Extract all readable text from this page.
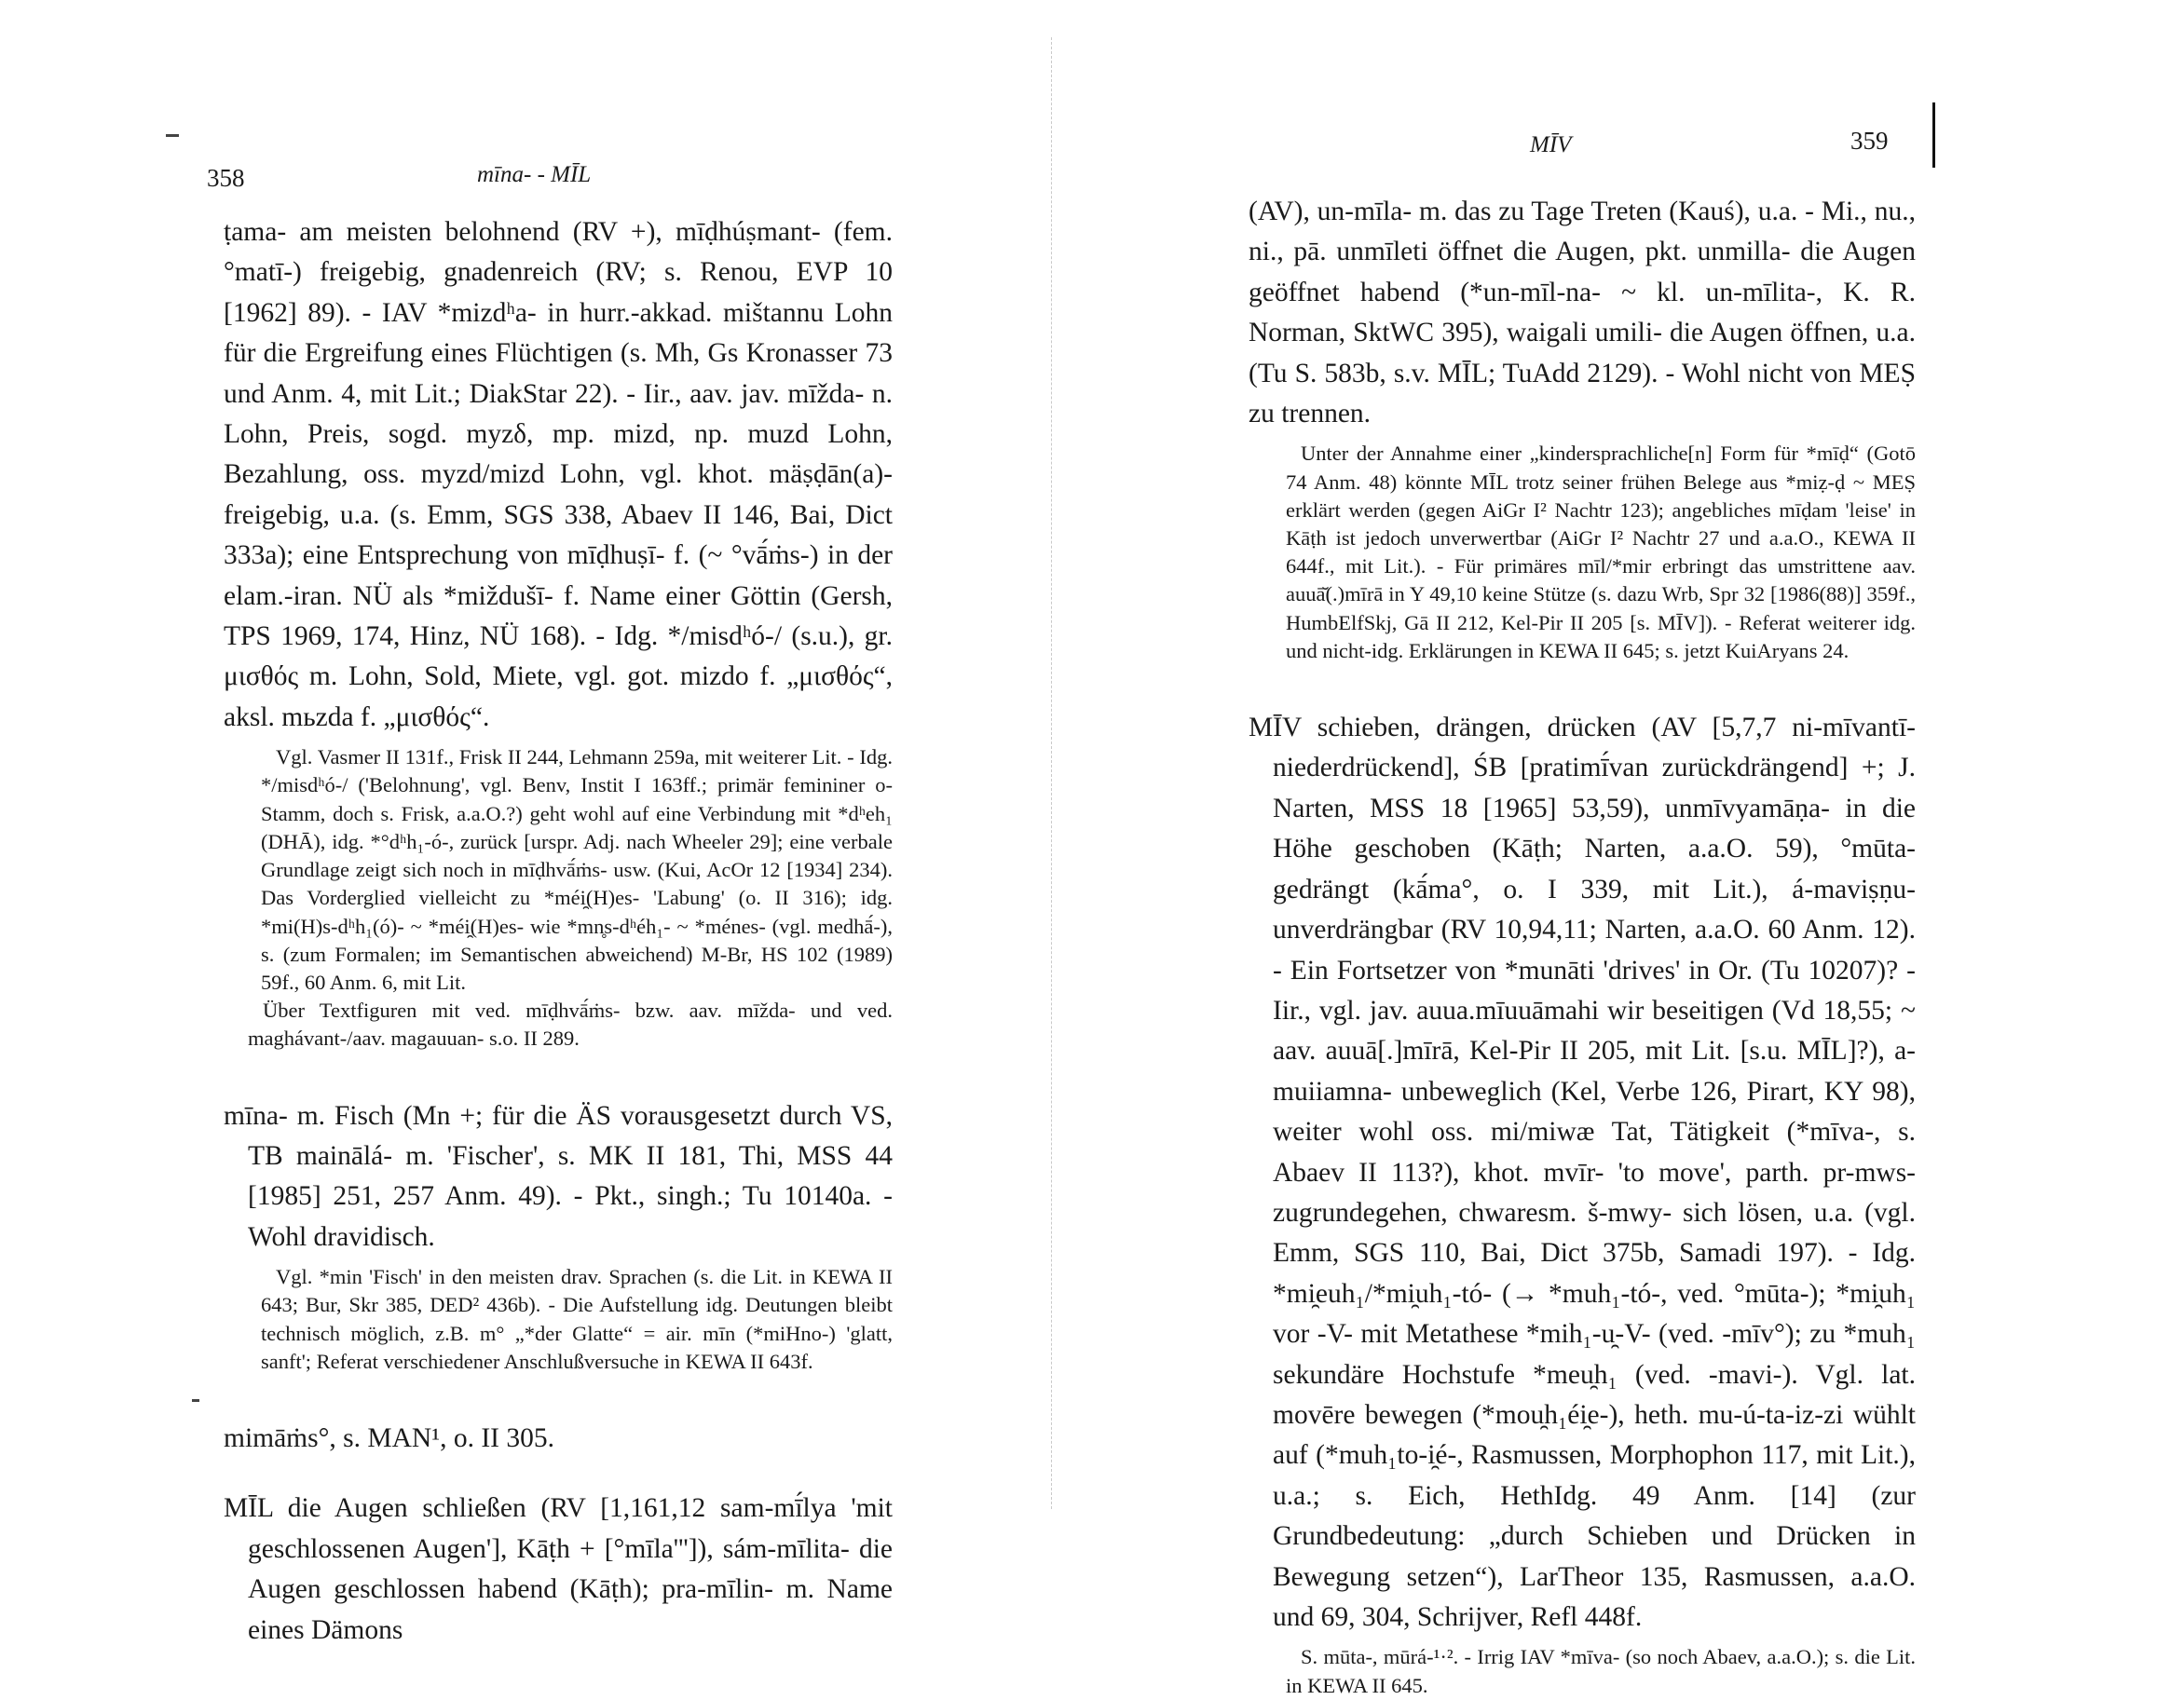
358	mīna- - MĪL

ṭama- am meisten belohnend (RV +), mīḍhúṣmant- (fem. °matī-) freigebig, gnadenreich (RV; s. Renou, EVP 10 [1962] 89). - IAV *mizdʰa- in hurr.-akkad. mištannu Lohn für die Ergreifung eines Flüchtigen (s. Mh, Gs Kronasser 73 und Anm. 4, mit Lit.; DiakStar 22). - Iir., aav. jav. mīžda- n. Lohn, Preis, sogd. myzδ, mp. mizd, np. muzd Lohn, Bezahlung, oss. myzd/mizd Lohn, vgl. khot. mäṣḍān(a)- freigebig, u.a. (s. Emm, SGS 338, Abaev II 146, Bai, Dict 333a); eine Entsprechung von mīḍhuṣī- f. (~ °vā́ṁs-) in der elam.-iran. NÜ als *miždušī- f. Name einer Göttin (Gersh, TPS 1969, 174, Hinz, NÜ 168). - Idg. */misdʰó-/ (s.u.), gr. μισθός m. Lohn, Sold, Miete, vgl. got. mizdo f. „μισθός“, aksl. mьzda f. „μισθός“.

Vgl. Vasmer II 131f., Frisk II 244, Lehmann 259a, mit weiterer Lit. - Idg. */misdʰó-/ ('Belohnung', vgl. Benv, Instit I 163ff.; primär femininer o-Stamm, doch s. Frisk, a.a.O.?) geht wohl auf eine Verbindung mit *dʰeh₁ (DHĀ), idg. *°dʰh₁-ó-, zurück [urspr. Adj. nach Wheeler 29]; eine verbale Grundlage zeigt sich noch in mīḍhvā́ṁs- usw. (Kui, AcOr 12 [1934] 234). Das Vorderglied vielleicht zu *méi̯(H)es- 'Labung' (o. II 316); idg. *mi(H)s-dʰh₁(ó)- ~ *méi̯(H)es- wie *mn̥s-dʰéh₁- ~ *ménes- (vgl. medhā́-), s. (zum Formalen; im Semantischen abweichend) M-Br, HS 102 (1989) 59f., 60 Anm. 6, mit Lit.

Über Textfiguren mit ved. mīḍhvā́ṁs- bzw. aav. mīžda- und ved. maghávant-/aav. magauuan- s.o. II 289.

mīna- m. Fisch (Mn +; für die ÄS vorausgesetzt durch VS, TB mainālá- m. 'Fischer', s. MK II 181, Thi, MSS 44 [1985] 251, 257 Anm. 49). - Pkt., singh.; Tu 10140a. - Wohl dravidisch.

Vgl. *min 'Fisch' in den meisten drav. Sprachen (s. die Lit. in KEWA II 643; Bur, Skr 385, DED² 436b). - Die Aufstellung idg. Deutungen bleibt technisch möglich, z.B. m° „*der Glatte“ = air. mīn (*miHno-) 'glatt, sanft'; Referat verschiedener Anschlußversuche in KEWA II 643f.

mimāṁs°, s. MAN¹, o. II 305.

MĪL die Augen schließen (RV [1,161,12 sam-mī́lya 'mit geschlossenen Augen'], Kāṭh + [°mīla''']), sám-mīlita- die Augen geschlossen habend (Kāṭh); pra-mīlin- m. Name eines Dämons

MĪV	359

(AV), un-mīla- m. das zu Tage Treten (Kauś), u.a. - Mi., nu., ni., pā. unmīleti öffnet die Augen, pkt. unmilla- die Augen geöffnet habend (*un-mīl-na- ~ kl. un-mīlita-, K. R. Norman, SktWC 395), waigali umili- die Augen öffnen, u.a. (Tu S. 583b, s.v. MĪL; TuAdd 2129). - Wohl nicht von MEṢ zu trennen.

Unter der Annahme einer „kindersprachliche[n] Form für *mīḍ“ (Gotō 74 Anm. 48) könnte MĪL trotz seiner frühen Belege aus *miẓ-ḍ ~ MEṢ erklärt werden (gegen AiGr I² Nachtr 123); angebliches mīḍam 'leise' in Kāṭh ist jedoch unverwertbar (AiGr I² Nachtr 27 und a.a.O., KEWA II 644f., mit Lit.). - Für primäres mīl/*mir erbringt das umstrittene aav. auuā̆(.)mīrā in Y 49,10 keine Stütze (s. dazu Wrb, Spr 32 [1986(88)] 359f., HumbElfSkj, Gā II 212, Kel-Pir II 205 [s. MĪV]). - Referat weiterer idg. und nicht-idg. Erklärungen in KEWA II 645; s. jetzt KuiAryans 24.

MĪV schieben, drängen, drücken (AV [5,7,7 ni-mīvantī- niederdrückend], ŚB [pratimī́van zurückdrängend] +; J. Narten, MSS 18 [1965] 53,59), unmīvyamāṇa- in die Höhe geschoben (Kāṭh; Narten, a.a.O. 59), °mūta- gedrängt (kā́ma°, o. I 339, mit Lit.), á-maviṣṇu- unverdrängbar (RV 10,94,11; Narten, a.a.O. 60 Anm. 12). - Ein Fortsetzer von *munāti 'drives' in Or. (Tu 10207)? - Iir., vgl. jav. auua.mīuuāmahi wir beseitigen (Vd 18,55; ~ aav. auuā[.]mīrā, Kel-Pir II 205, mit Lit. [s.u. MĪL]?), a-muiiamna- unbeweglich (Kel, Verbe 126, Pirart, KY 98), weiter wohl oss. mi/miwæ Tat, Tätigkeit (*mīva-, s. Abaev II 113?), khot. mvīr- 'to move', parth. pr-mws- zugrundegehen, chwaresm. š-mwy- sich lösen, u.a. (vgl. Emm, SGS 110, Bai, Dict 375b, Samadi 197). - Idg. *mi̯euh₁/*mi̯uh₁-tó- (→ *muh₁-tó-, ved. °mūta-); *mi̯uh₁ vor -V- mit Metathese *mih₁-u̯-V- (ved. -mīv°); zu *muh₁ sekundäre Hochstufe *meu̯h₁ (ved. -mavi-). Vgl. lat. movēre bewegen (*mou̯h₁éi̯e-), heth. mu-ú-ta-iz-zi wühlt auf (*muh₁to-i̯é-, Rasmussen, Morphophon 117, mit Lit.), u.a.; s. Eich, HethIdg. 49 Anm. [14] (zur Grundbedeutung: „durch Schieben und Drücken in Bewegung setzen“), LarTheor 135, Rasmussen, a.a.O. und 69, 304, Schrijver, Refl 448f.

S. mūta-, mūrá-¹·². - Irrig IAV *mīva- (so noch Abaev, a.a.O.); s. die Lit. in KEWA II 645.
